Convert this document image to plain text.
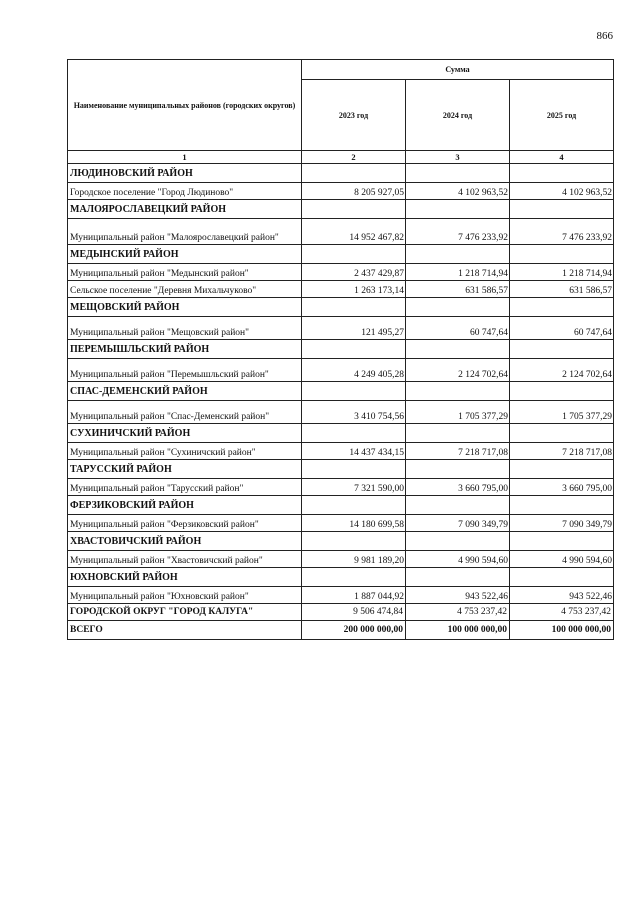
866
Наименование муниципальных районов (городских округов)	Сумма		
	2023 год	2024 год	2025 год
1	2	3	4
ЛЮДИНОВСКИЙ РАЙОН			
Городское поселение "Город Людиново"	8 205 927,05	4 102 963,52	4 102 963,52
МАЛОЯРОСЛАВЕЦКИЙ РАЙОН			
Муниципальный район "Малоярославецкий район"	14 952 467,82	7 476 233,92	7 476 233,92
МЕДЫНСКИЙ РАЙОН			
Муниципальный район "Медынский район"	2 437 429,87	1 218 714,94	1 218 714,94
Сельское поселение "Деревня Михальчуково"	1 263 173,14	631 586,57	631 586,57
МЕЩОВСКИЙ РАЙОН			
Муниципальный район "Мещовский район"	121 495,27	60 747,64	60 747,64
ПЕРЕМЫШЛЬСКИЙ РАЙОН			
Муниципальный район "Перемышльский район"	4 249 405,28	2 124 702,64	2 124 702,64
СПАС-ДЕМЕНСКИЙ РАЙОН			
Муниципальный район "Спас-Деменский район"	3 410 754,56	1 705 377,29	1 705 377,29
СУХИНИЧСКИЙ РАЙОН			
Муниципальный район "Сухиничский район"	14 437 434,15	7 218 717,08	7 218 717,08
ТАРУССКИЙ РАЙОН			
Муниципальный район "Тарусский район"	7 321 590,00	3 660 795,00	3 660 795,00
ФЕРЗИКОВСКИЙ РАЙОН			
Муниципальный район "Ферзиковский район"	14 180 699,58	7 090 349,79	7 090 349,79
ХВАСТОВИЧСКИЙ РАЙОН			
Муниципальный район "Хвастовичский район"	9 981 189,20	4 990 594,60	4 990 594,60
ЮХНОВСКИЙ РАЙОН			
Муниципальный район "Юхновский район"	1 887 044,92	943 522,46	943 522,46
ГОРОДСКОЙ ОКРУГ "ГОРОД КАЛУГА"	9 506 474,84	4 753 237,42	4 753 237,42
ВСЕГО	200 000 000,00	100 000 000,00	100 000 000,00
